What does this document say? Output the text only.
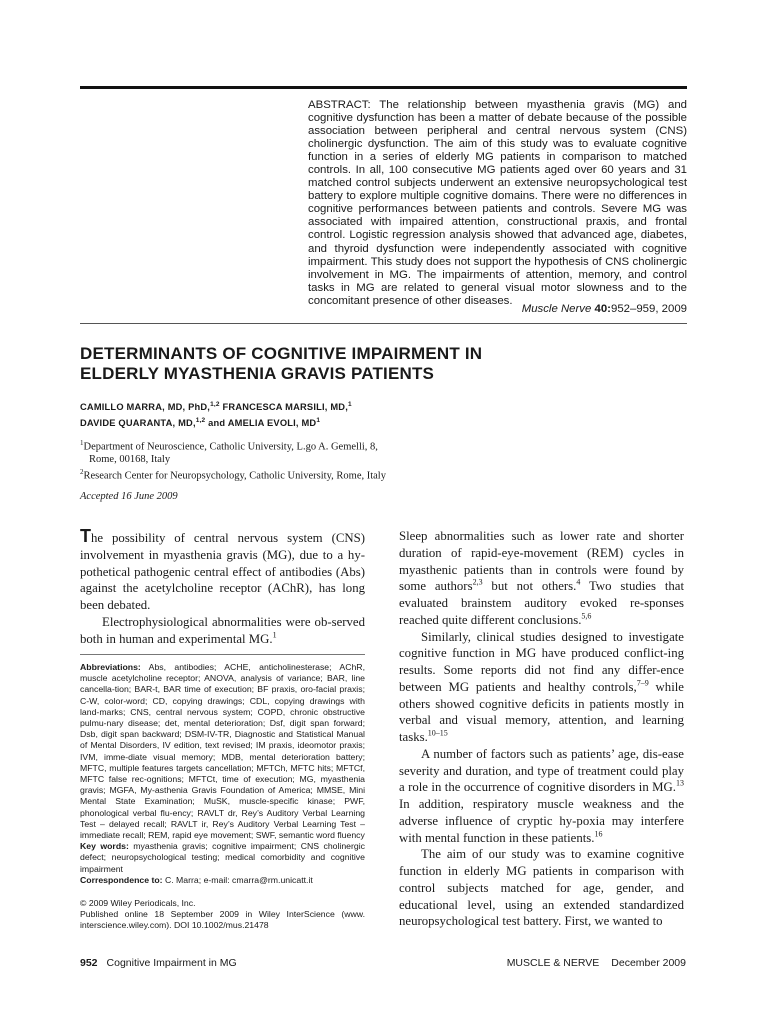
ABSTRACT: The relationship between myasthenia gravis (MG) and cognitive dysfunction has been a matter of debate because of the possible association between peripheral and central nervous system (CNS) cholinergic dysfunction. The aim of this study was to evaluate cognitive function in a series of elderly MG patients in comparison to matched controls. In all, 100 consecutive MG patients aged over 60 years and 31 matched control subjects underwent an extensive neuropsychological test battery to explore multiple cognitive domains. There were no differences in cognitive performances between patients and controls. Severe MG was associated with impaired attention, constructional praxis, and frontal control. Logistic regression analysis showed that advanced age, diabetes, and thyroid dysfunction were independently associated with cognitive impairment. This study does not support the hypothesis of CNS cholinergic involvement in MG. The impairments of attention, memory, and control tasks in MG are related to general visual motor slowness and to the concomitant presence of other diseases.
Muscle Nerve 40:952–959, 2009
DETERMINANTS OF COGNITIVE IMPAIRMENT IN
ELDERLY MYASTHENIA GRAVIS PATIENTS
CAMILLO MARRA, MD, PhD,$^{1,2}$ FRANCESCA MARSILI, MD,$^1$
DAVIDE QUARANTA, MD,$^{1,2}$ and AMELIA EVOLI, $MD^1$
$^1$Department of Neuroscience, Catholic University, L.go A. Gemelli, 8,
Rome, 00168, Italy
$^2$Research Center for Neuropsychology, Catholic University, Rome, Italy
Accepted 16 June 2009

The possibility of central nervous system (CNS) involvement in myasthenia gravis (MG), due to a hy-pothetical pathogenic central effect of antibodies (Abs) against the acetylcholine receptor (AChR), has long been debated.

Electrophysiological abnormalities were ob-served both in human and experimental MG.$^1$

Abbreviations: Abs, antibodies; ACHE, anticholinesterase; AChR, muscle acetylcholine receptor; ANOVA, analysis of variance; BAR, line cancella-tion; BAR-t, BAR time of execution; BF praxis, oro-facial praxis; C-W, color-word; CD, copying drawings; CDL, copying drawings with land-marks; CNS, central nervous system; COPD, chronic obstructive pulmu-nary disease; det, mental deterioration; Dsf, digit span forward; Dsb, digit span backward; DSM-IV-TR, Diagnostic and Statistical Manual of Mental Disorders, IV edition, text revised; IM praxis, ideomotor praxis; IVM, imme-diate visual memory; MDB, mental deterioration battery; MFTC, multiple features targets cancellation; MFTCh, MFTC hits; MFTCf, MFTC false rec-ognitions; MFTCt, time of execution; MG, myasthenia gravis; MGFA, My-asthenia Gravis Foundation of America; MMSE, Mini Mental State Examination; MuSK, muscle-specific kinase; PWF, phonological verbal flu-ency; RAVLT dr, Rey’s Auditory Verbal Learning Test – delayed recall; RAVLT ir, Rey’s Auditory Verbal Learning Test – immediate recall; REM, rapid eye movement; SWF, semantic word fluency
Key words: myasthenia gravis; cognitive impairment; CNS cholinergic defect; neuropsychological testing; medical comorbidity and cognitive impairment
Correspondence to: C. Marra; e-mail: cmarra@rm.unicatt.it
© 2009 Wiley Periodicals, Inc.
Published online 18 September 2009 in Wiley InterScience (www. interscience.wiley.com). DOI 10.1002/mus.21478

Sleep abnormalities such as lower rate and shorter duration of rapid-eye-movement (REM) cycles in myasthenic patients than in controls were found by some authors$^{2,3}$ but not others.$^4$ Two studies that evaluated brainstem auditory evoked re-sponses reached quite different conclusions.$^{5,6}$

Similarly, clinical studies designed to investigate cognitive function in MG have produced conflict-ing results. Some reports did not find any differ-ence between MG patients and healthy controls,$^{7-9}$ while others showed cognitive deficits in patients mostly in verbal and visual memory, attention, and learning tasks.$^{10-15}$

A number of factors such as patients’ age, dis-ease severity and duration, and type of treatment could play a role in the occurrence of cognitive disorders in MG.$^{13}$ In addition, respiratory muscle weakness and the adverse influence of cryptic hy-poxia may interfere with mental function in these patients.$^{16}$

The aim of our study was to examine cognitive function in elderly MG patients in comparison with control subjects matched for age, gender, and educational level, using an extended standardized neuropsychological test battery. First, we wanted to

952 Cognitive Impairment in MG	MUSCLE & NERVE December 2009
